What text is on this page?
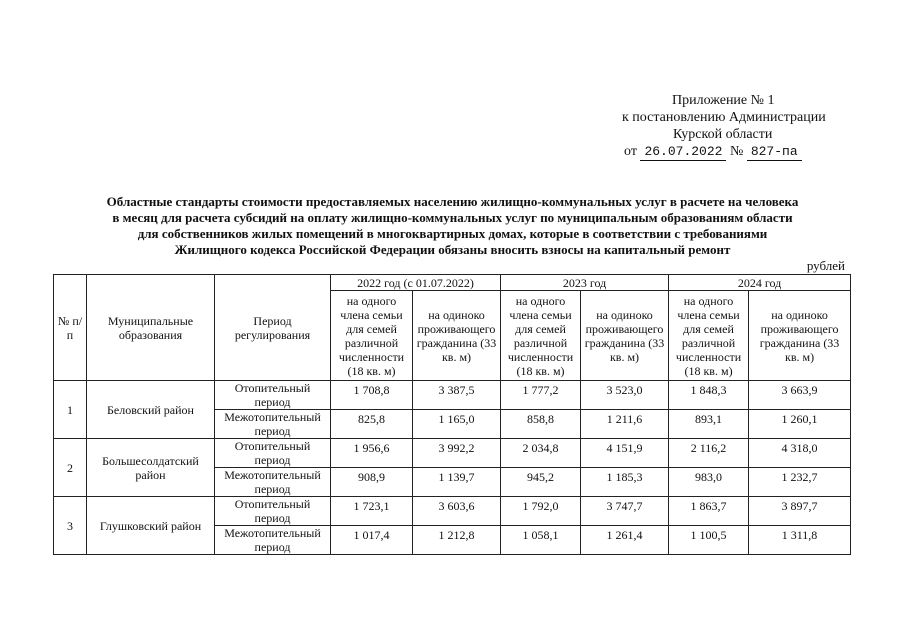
Приложение № 1
к постановлению Администрации
Курской области
от 26.07.2022 № 827-па
Областные стандарты стоимости предоставляемых населению жилищно-коммунальных услуг в расчете на человека
в месяц для расчета субсидий на оплату жилищно-коммунальных услуг по муниципальным образованиям области
для собственников жилых помещений в многоквартирных домах, которые в соответствии с требованиями
Жилищного кодекса Российской Федерации обязаны вносить взносы на капитальный ремонт
рублей
№ п/п	Муниципальные образования	Период регулирования	2022 год (с 01.07.2022)		2023 год		2024 год	
			на одного члена семьи для семей различной численности (18 кв. м)	на одиноко проживающего гражданина (33 кв. м)	на одного члена семьи для семей различной численности (18 кв. м)	на одиноко проживающего гражданина (33 кв. м)	на одного члена семьи для семей различной численности (18 кв. м)	на одиноко проживающего гражданина (33 кв. м)
1	Беловский район	Отопительный период	1 708,8	3 387,5	1 777,2	3 523,0	1 848,3	3 663,9
		Межотопительный период	825,8	1 165,0	858,8	1 211,6	893,1	1 260,1
2	Большесолдатский район	Отопительный период	1 956,6	3 992,2	2 034,8	4 151,9	2 116,2	4 318,0
		Межотопительный период	908,9	1 139,7	945,2	1 185,3	983,0	1 232,7
3	Глушковский район	Отопительный период	1 723,1	3 603,6	1 792,0	3 747,7	1 863,7	3 897,7
		Межотопительный период	1 017,4	1 212,8	1 058,1	1 261,4	1 100,5	1 311,8
